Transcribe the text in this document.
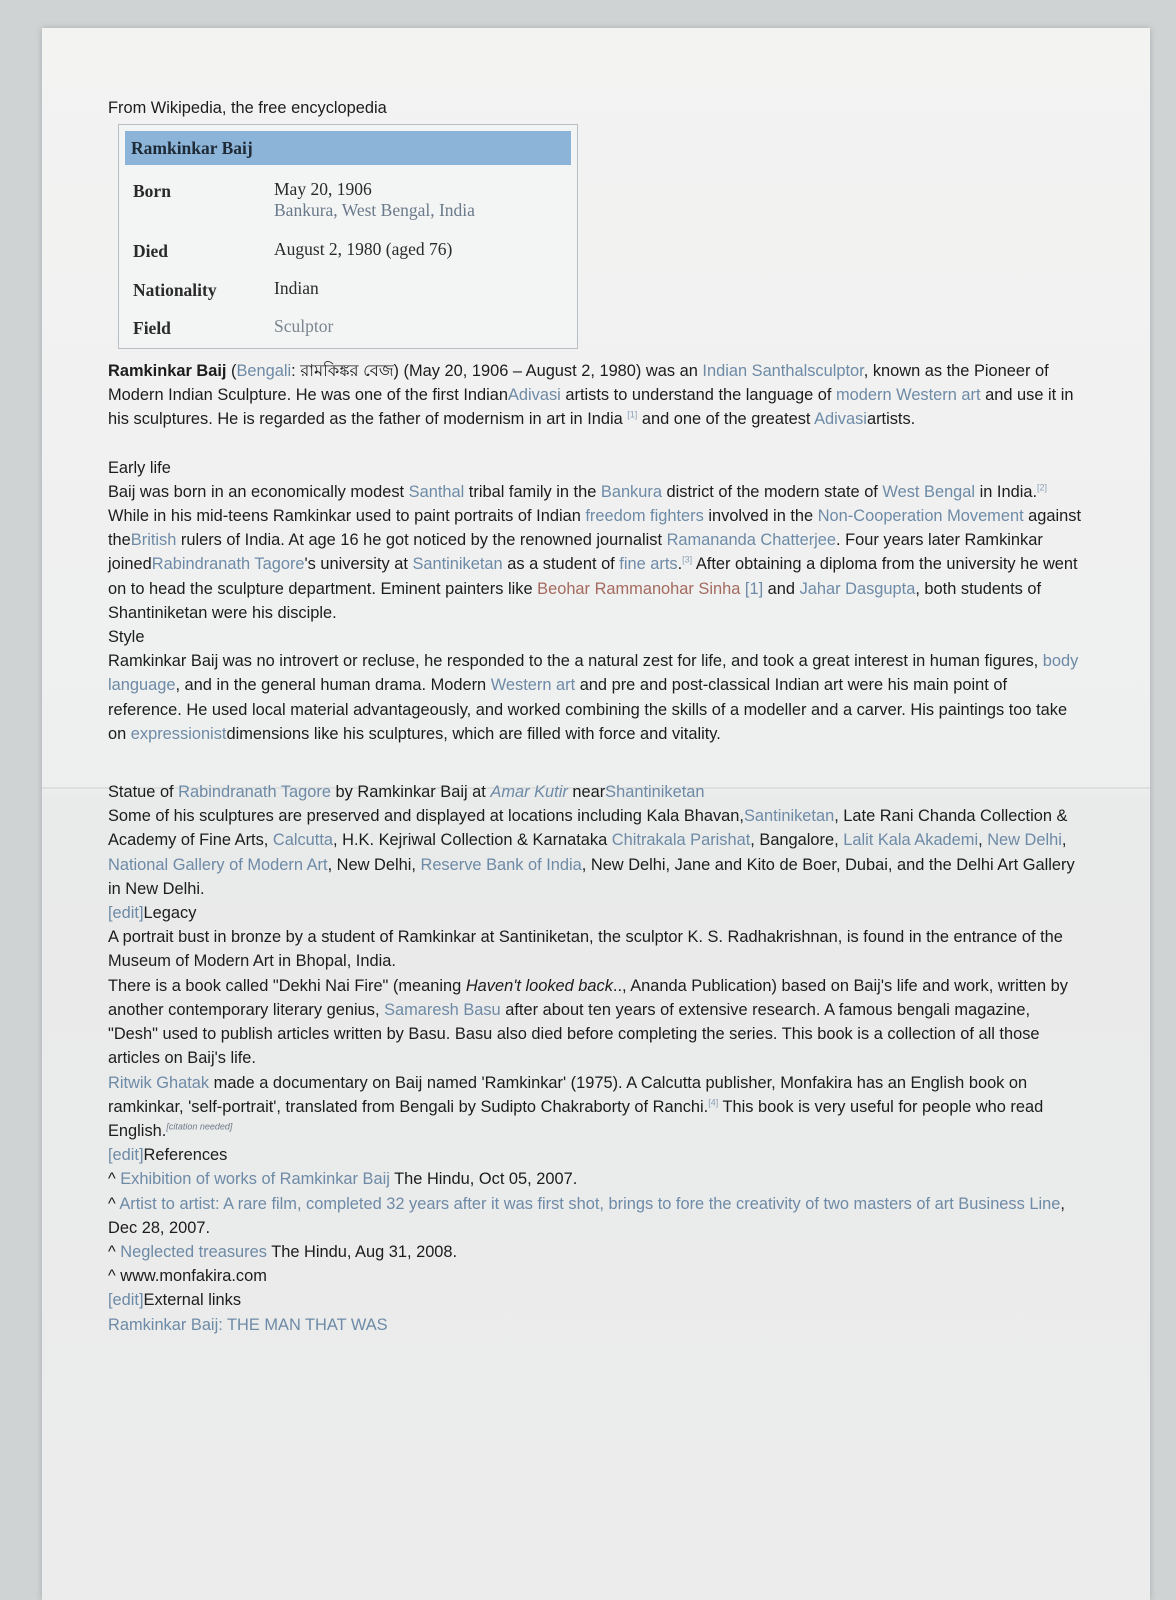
From Wikipedia, the free encyclopedia

Ramkinkar Baij
Born	May 20, 1906
Bankura, West Bengal, India
Died	August 2, 1980 (aged 76)
Nationality	Indian
Field	Sculptor

Ramkinkar Baij (Bengali: রামকিঙ্কর বেজ) (May 20, 1906 – August 2, 1980) was an Indian Santhalsculptor, known as the Pioneer of Modern Indian Sculpture. He was one of the first IndianAdivasi artists to understand the language of modern Western art and use it in his sculptures. He is regarded as the father of modernism in art in India [1] and one of the greatest Adivasiartists.

Early life

Baij was born in an economically modest Santhal tribal family in the Bankura district of the modern state of West Bengal in India.[2]

While in his mid-teens Ramkinkar used to paint portraits of Indian freedom fighters involved in the Non-Cooperation Movement against theBritish rulers of India. At age 16 he got noticed by the renowned journalist Ramananda Chatterjee. Four years later Ramkinkar joinedRabindranath Tagore's university at Santiniketan as a student of fine arts.[3] After obtaining a diploma from the university he went on to head the sculpture department. Eminent painters like Beohar Rammanohar Sinha [1] and Jahar Dasgupta, both students of Shantiniketan were his disciple.

Style

Ramkinkar Baij was no introvert or recluse, he responded to the a natural zest for life, and took a great interest in human figures, body language, and in the general human drama. Modern Western art and pre and post-classical Indian art were his main point of reference. He used local material advantageously, and worked combining the skills of a modeller and a carver. His paintings too take on expressionistdimensions like his sculptures, which are filled with force and vitality.

Statue of Rabindranath Tagore by Ramkinkar Baij at Amar Kutir nearShantiniketan

Some of his sculptures are preserved and displayed at locations including Kala Bhavan,Santiniketan, Late Rani Chanda Collection & Academy of Fine Arts, Calcutta, H.K. Kejriwal Collection & Karnataka Chitrakala Parishat, Bangalore, Lalit Kala Akademi, New Delhi, National Gallery of Modern Art, New Delhi, Reserve Bank of India, New Delhi, Jane and Kito de Boer, Dubai, and the Delhi Art Gallery in New Delhi.

[edit]Legacy

A portrait bust in bronze by a student of Ramkinkar at Santiniketan, the sculptor K. S. Radhakrishnan, is found in the entrance of the Museum of Modern Art in Bhopal, India.

There is a book called "Dekhi Nai Fire" (meaning Haven't looked back.., Ananda Publication) based on Baij's life and work, written by another contemporary literary genius, Samaresh Basu after about ten years of extensive research. A famous bengali magazine, "Desh" used to publish articles written by Basu. Basu also died before completing the series. This book is a collection of all those articles on Baij's life.

Ritwik Ghatak made a documentary on Baij named 'Ramkinkar' (1975). A Calcutta publisher, Monfakira has an English book on ramkinkar, 'self-portrait', translated from Bengali by Sudipto Chakraborty of Ranchi.[4] This book is very useful for people who read English.[citation needed]

[edit]References

^ Exhibition of works of Ramkinkar Baij The Hindu, Oct 05, 2007.

^ Artist to artist: A rare film, completed 32 years after it was first shot, brings to fore the creativity of two masters of art Business Line, Dec 28, 2007.

^ Neglected treasures The Hindu, Aug 31, 2008.

^ www.monfakira.com

[edit]External links

Ramkinkar Baij: THE MAN THAT WAS
